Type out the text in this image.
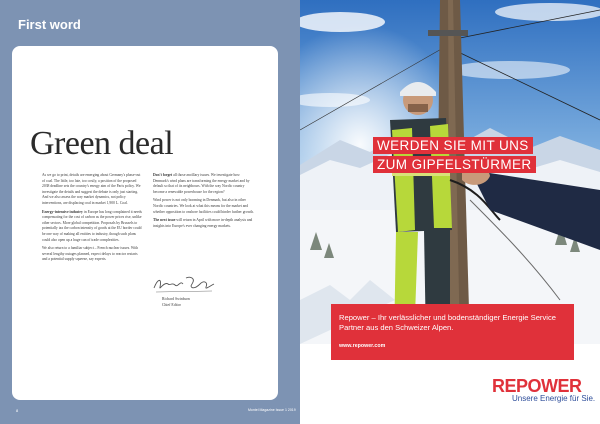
First word
Green deal

As we go to print, details are emerging about Germany's phase-out of coal. The little, too late, too costly, a position of the proposed 2038 deadline sets the country's energy aim of the Paris policy. We investigate the details and suggest the debate is only just starting. And we also assess the way market dynamics, not policy interventions, are displacing coal in market 1,900 L. Coal.

Energy-intensive industry in Europe has long complained it needs compensating for the cost of carbon as the power prices rise, unlike other sectors. More global competition. Proposals by Brussels to potentially tax the carbon intensity of goods at the EU border could be one way of making all entities to industry, though such plans could also open up a huge can of trade complexities.

We also return to a familiar subject – French nuclear issues. With several lengthy outages planned, expect delays to reactor restarts and a potential supply squeeze, say experts.

Don't forget all those ancillary issues. We investigate how Denmark's wind plans are transforming the energy market and by default so that of its neighbours. With the way Nordic country become a renewable powerhouse for the region?

Wind power is not only booming in Denmark, but also in other Nordic countries. We look at what this means for the market and whether opposition to onshore facilities could hinder further growth.

The next issue will return in April with more in-depth analysis and insights into Europe's ever changing energy markets.

Richard Swinburn
Chief Editor
8	Montel Magazine Issue 1 2019
WERDEN SIE MIT UNS
ZUM GIPFELSTÜRMER
Repower – Ihr verlässlicher und bodenständiger Energie Service Partner aus den Schweizer Alpen.
www.repower.com
REPOWER
Unsere Energie für Sie.
